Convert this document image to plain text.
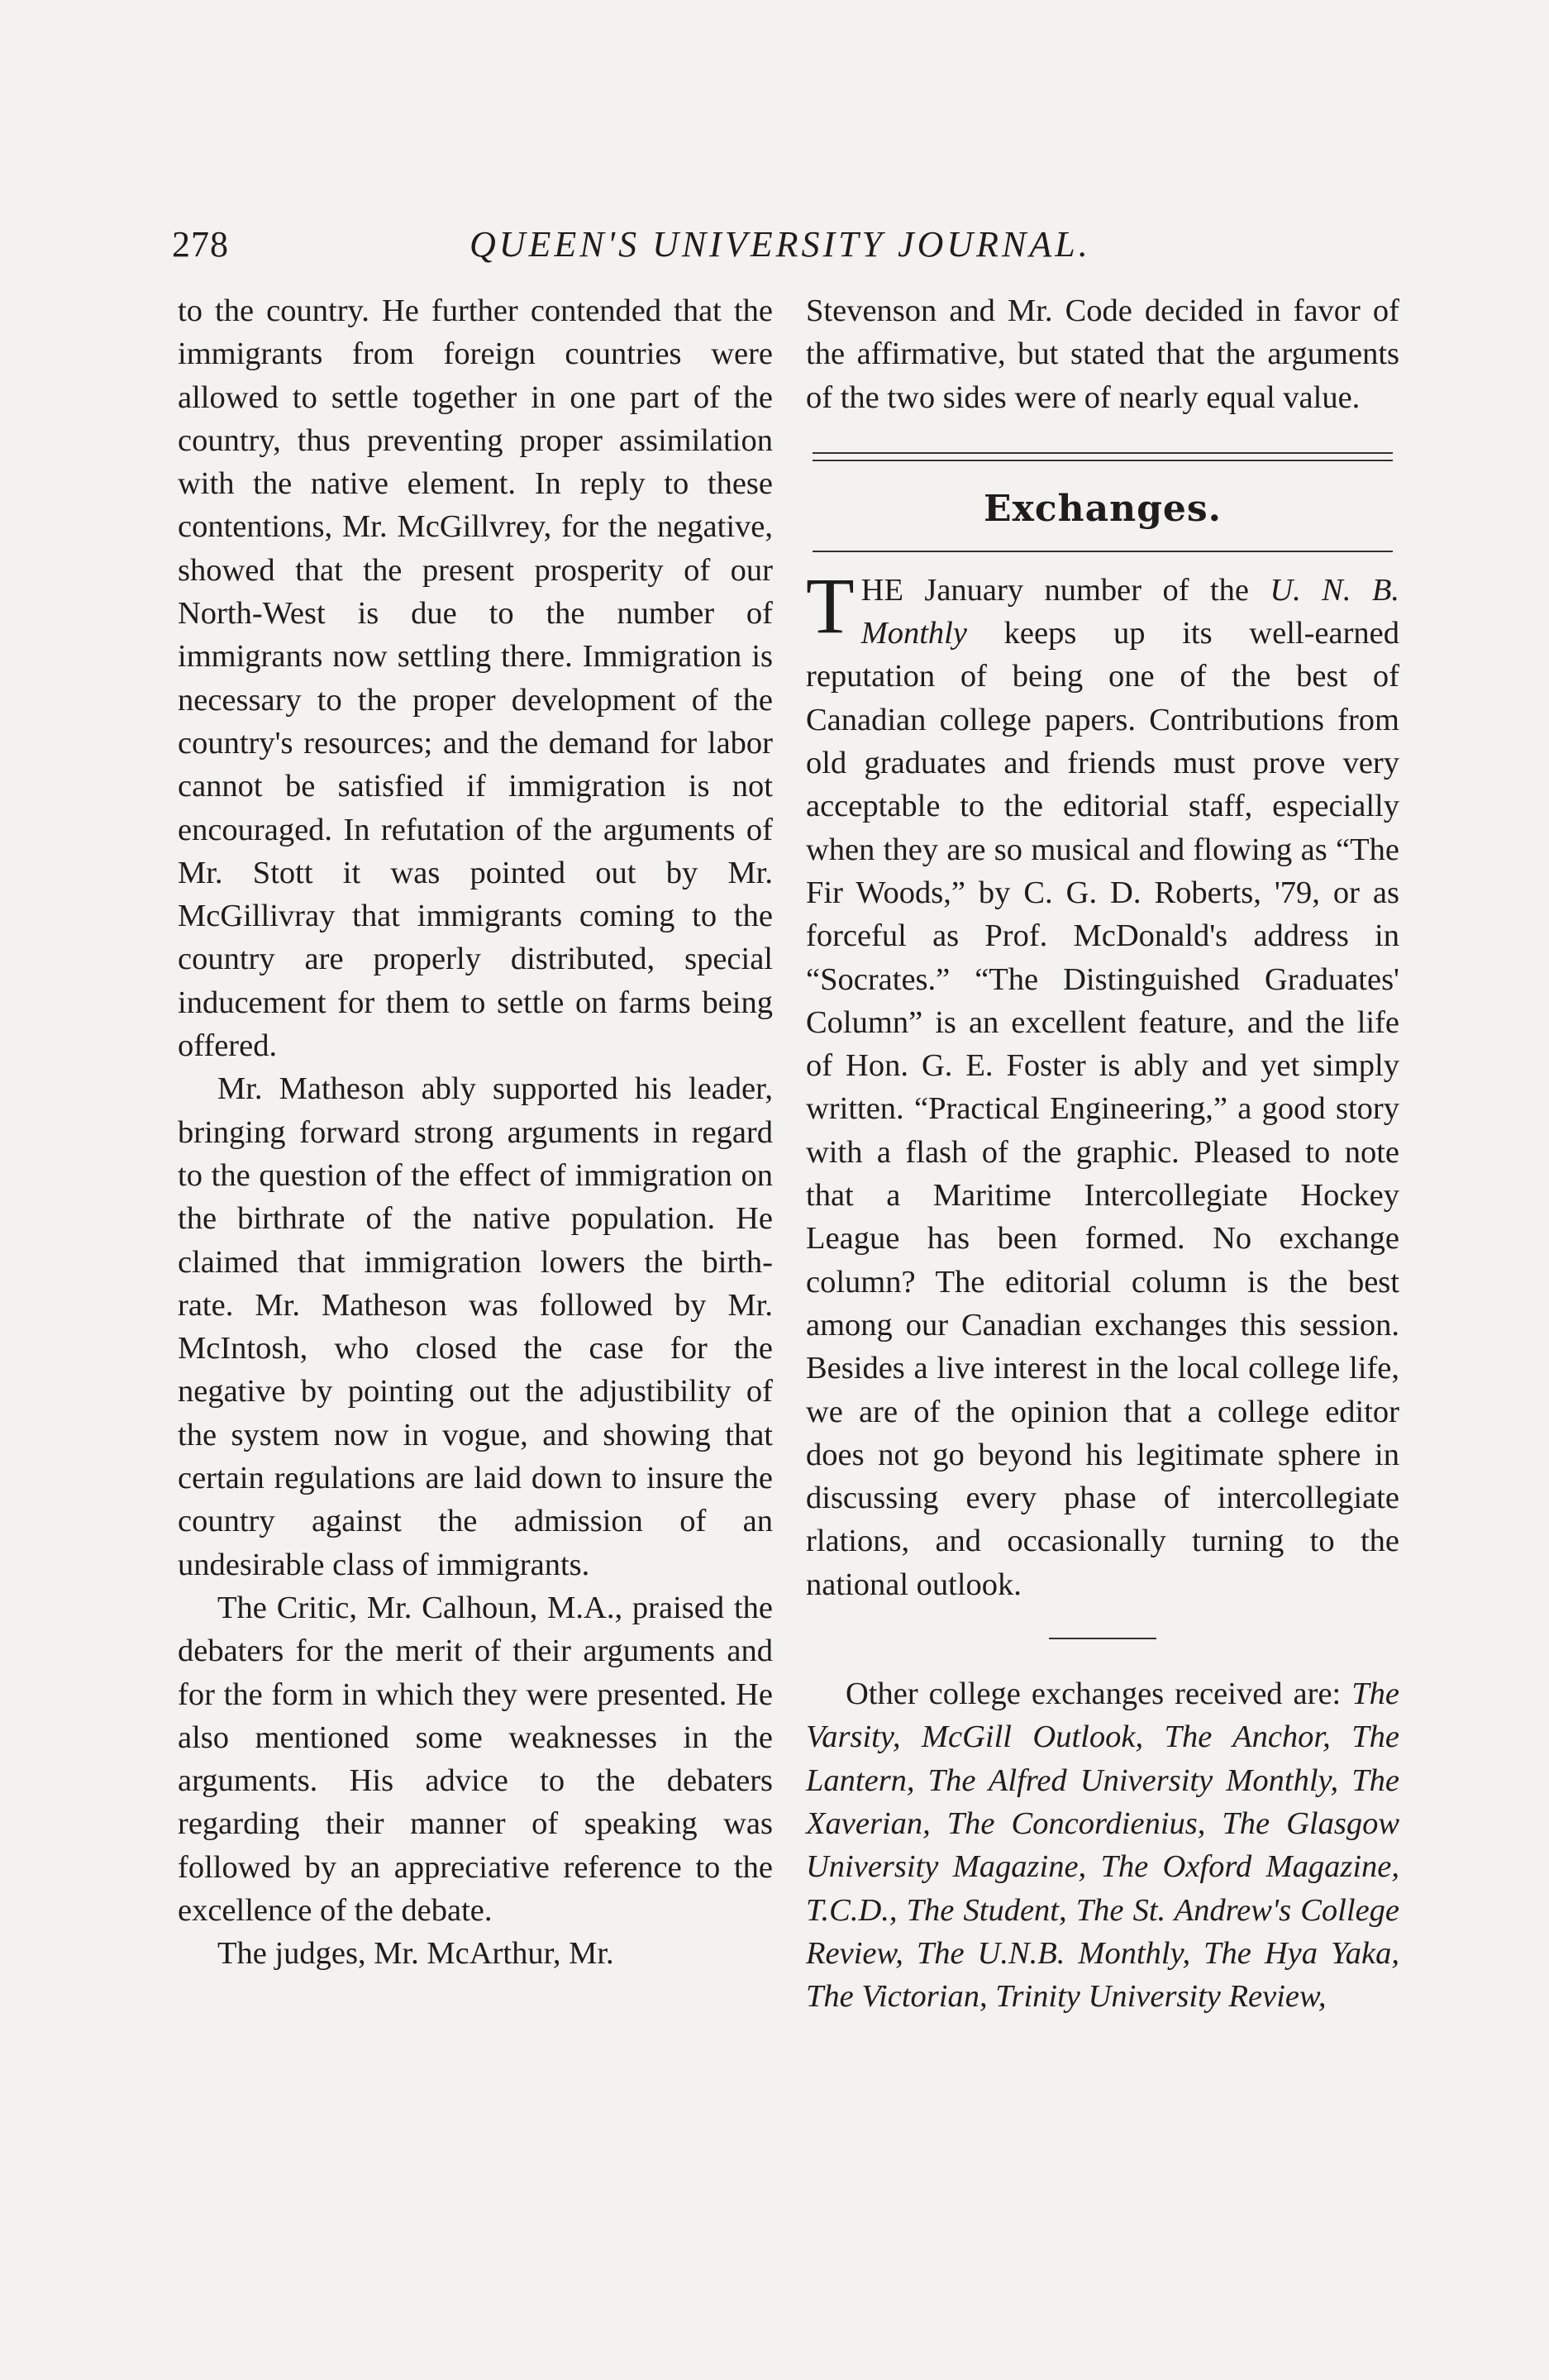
278	QUEEN'S UNIVERSITY JOURNAL.

to the country. He further contended that the immigrants from foreign countries were allowed to settle together in one part of the country, thus preventing proper assimilation with the native element. In reply to these contentions, Mr. McGillvrey, for the negative, showed that the present prosperity of our North-West is due to the number of immigrants now settling there. Immigration is necessary to the proper development of the country's resources; and the demand for labor cannot be satisfied if immigration is not encouraged. In refutation of the arguments of Mr. Stott it was pointed out by Mr. McGillivray that immigrants coming to the country are properly distributed, special inducement for them to settle on farms being offered.

Mr. Matheson ably supported his leader, bringing forward strong arguments in regard to the question of the effect of immigration on the birthrate of the native population. He claimed that immigration lowers the birth-rate. Mr. Matheson was followed by Mr. McIntosh, who closed the case for the negative by pointing out the adjustibility of the system now in vogue, and showing that certain regulations are laid down to insure the country against the admission of an undesirable class of immigrants.

The Critic, Mr. Calhoun, M.A., praised the debaters for the merit of their arguments and for the form in which they were presented. He also mentioned some weaknesses in the arguments. His advice to the debaters regarding their manner of speaking was followed by an appreciative reference to the excellence of the debate.

The judges, Mr. McArthur, Mr.

Stevenson and Mr. Code decided in favor of the affirmative, but stated that the arguments of the two sides were of nearly equal value.

Exchanges.

THE January number of the U. N. B. Monthly keeps up its well-earned reputation of being one of the best of Canadian college papers. Contributions from old graduates and friends must prove very acceptable to the editorial staff, especially when they are so musical and flowing as “The Fir Woods,” by C. G. D. Roberts, '79, or as forceful as Prof. McDonald's address in “Socrates.” “The Distinguished Graduates' Column” is an excellent feature, and the life of Hon. G. E. Foster is ably and yet simply written. “Practical Engineering,” a good story with a flash of the graphic. Pleased to note that a Maritime Intercollegiate Hockey League has been formed. No exchange column? The editorial column is the best among our Canadian exchanges this session. Besides a live interest in the local college life, we are of the opinion that a college editor does not go beyond his legitimate sphere in discussing every phase of intercollegiate rlations, and occasionally turning to the national outlook.

Other college exchanges received are: The Varsity, McGill Outlook, The Anchor, The Lantern, The Alfred University Monthly, The Xaverian, The Concordienius, The Glasgow University Magazine, The Oxford Magazine, T.C.D., The Student, The St. Andrew's College Review, The U.N.B. Monthly, The Hya Yaka, The Victorian, Trinity University Review,
